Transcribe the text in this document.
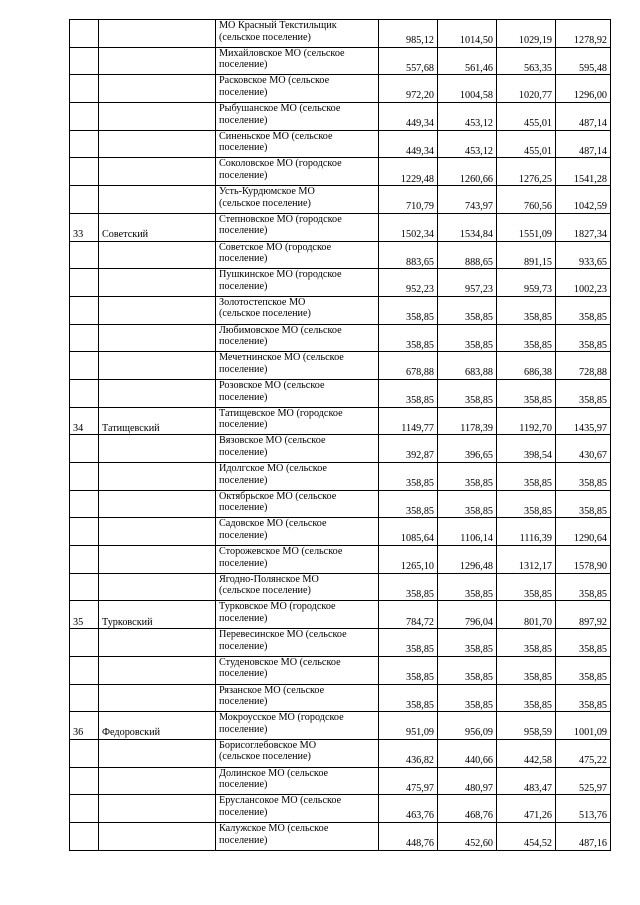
		МО Красный Текстильщик
(сельское поселение)	985,12	1014,50	1029,19	1278,92
		Михайловское МО (сельское
поселение)	557,68	561,46	563,35	595,48
		Расковское МО (сельское
поселение)	972,20	1004,58	1020,77	1296,00
		Рыбушанское МО (сельское
поселение)	449,34	453,12	455,01	487,14
		Синеньское МО (сельское
поселение)	449,34	453,12	455,01	487,14
		Соколовское МО (городское
поселение)	1229,48	1260,66	1276,25	1541,28
		Усть-Курдюмское МО
(сельское поселение)	710,79	743,97	760,56	1042,59
33	Советский	Степновское МО (городское
поселение)	1502,34	1534,84	1551,09	1827,34
		Советское МО (городское
поселение)	883,65	888,65	891,15	933,65
		Пушкинское МО (городское
поселение)	952,23	957,23	959,73	1002,23
		Золотостепское МО
(сельское поселение)	358,85	358,85	358,85	358,85
		Любимовское МО (сельское
поселение)	358,85	358,85	358,85	358,85
		Мечетнинское МО (сельское
поселение)	678,88	683,88	686,38	728,88
		Розовское МО (сельское
поселение)	358,85	358,85	358,85	358,85
34	Татищевский	Татищевское МО (городское
поселение)	1149,77	1178,39	1192,70	1435,97
		Вязовское МО (сельское
поселение)	392,87	396,65	398,54	430,67
		Идолгское МО (сельское
поселение)	358,85	358,85	358,85	358,85
		Октябрьское МО (сельское
поселение)	358,85	358,85	358,85	358,85
		Садовское МО (сельское
поселение)	1085,64	1106,14	1116,39	1290,64
		Сторожевское МО (сельское
поселение)	1265,10	1296,48	1312,17	1578,90
		Ягодно-Полянское МО
(сельское поселение)	358,85	358,85	358,85	358,85
35	Турковский	Турковское МО (городское
поселение)	784,72	796,04	801,70	897,92
		Перевесинское МО (сельское
поселение)	358,85	358,85	358,85	358,85
		Студеновское МО (сельское
поселение)	358,85	358,85	358,85	358,85
		Рязанское МО (сельское
поселение)	358,85	358,85	358,85	358,85
36	Федоровский	Мокроусское МО (городское
поселение)	951,09	956,09	958,59	1001,09
		Борисоглебовское МО
(сельское поселение)	436,82	440,66	442,58	475,22
		Долинское МО (сельское
поселение)	475,97	480,97	483,47	525,97
		Еруслансокое МО (сельское
поселение)	463,76	468,76	471,26	513,76
		Калужское МО (сельское
поселение)	448,76	452,60	454,52	487,16
